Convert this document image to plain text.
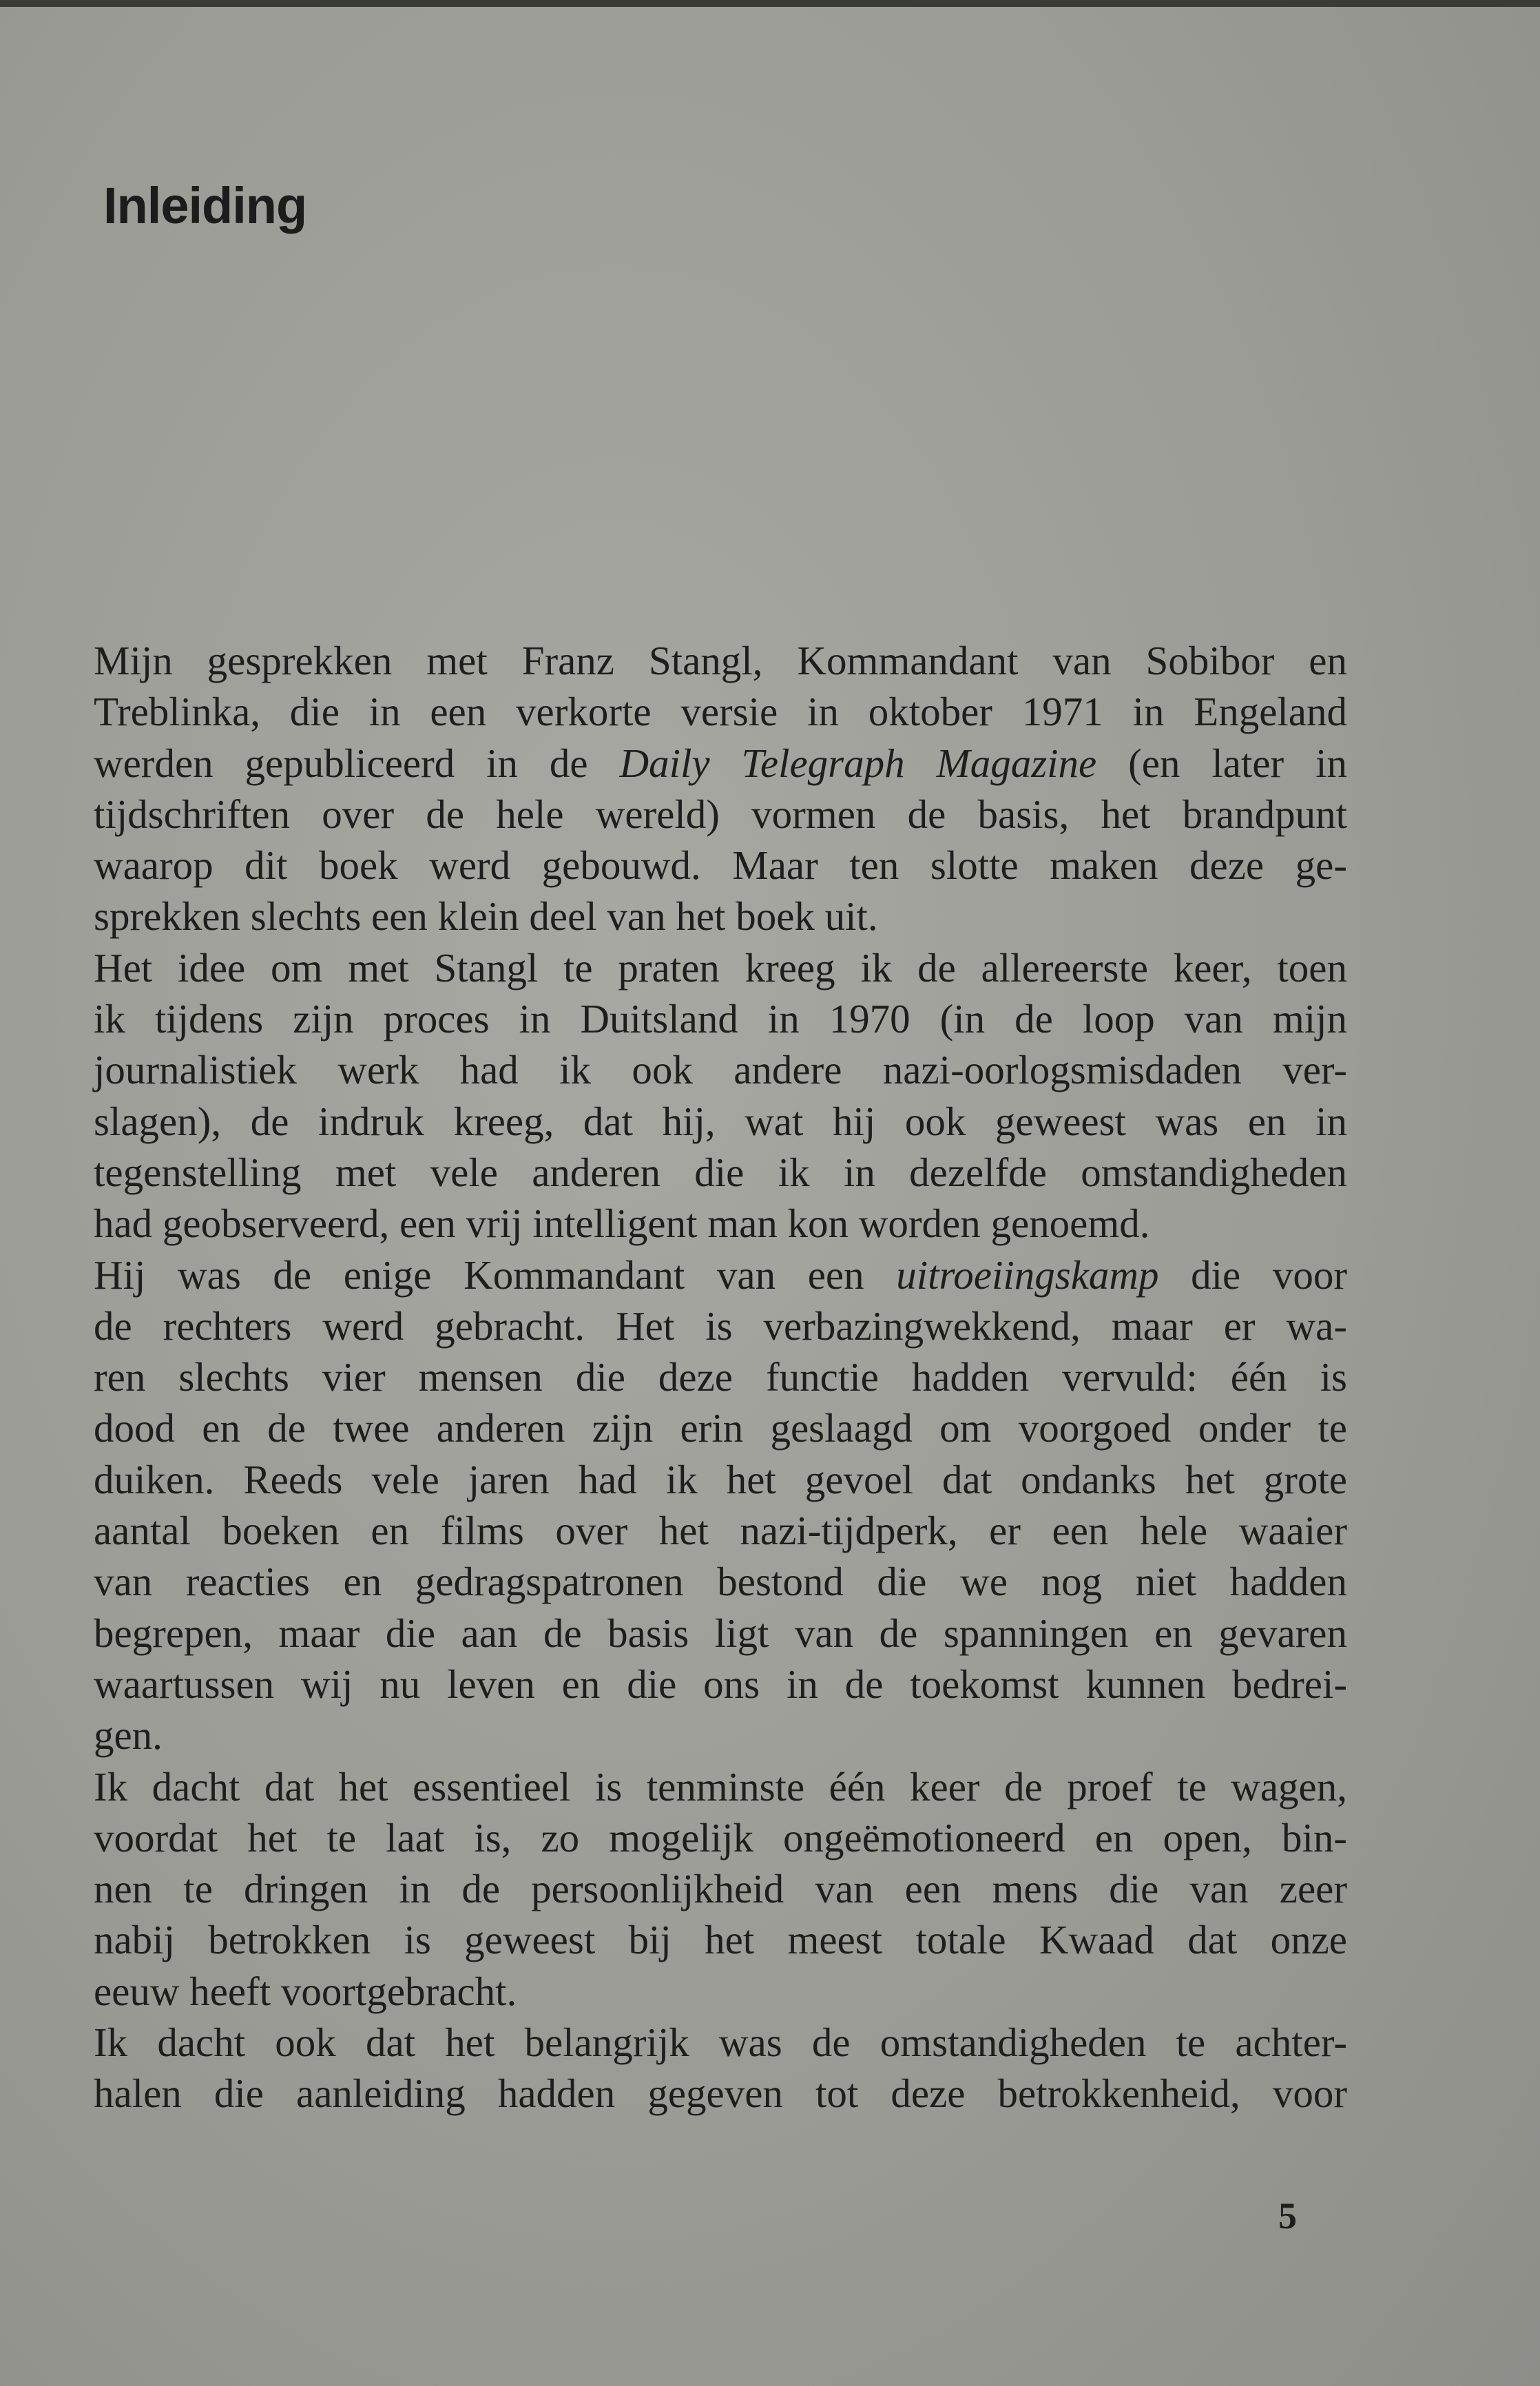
Inleiding
Mijn gesprekken met Franz Stangl, Kommandant van Sobibor en
Treblinka, die in een verkorte versie in oktober 1971 in Engeland
werden gepubliceerd in de Daily Telegraph Magazine (en later in
tijdschriften over de hele wereld) vormen de basis, het brandpunt
waarop dit boek werd gebouwd. Maar ten slotte maken deze ge-
sprekken slechts een klein deel van het boek uit.
Het idee om met Stangl te praten kreeg ik de allereerste keer, toen
ik tijdens zijn proces in Duitsland in 1970 (in de loop van mijn
journalistiek werk had ik ook andere nazi-oorlogsmisdaden ver-
slagen), de indruk kreeg, dat hij, wat hij ook geweest was en in
tegenstelling met vele anderen die ik in dezelfde omstandigheden
had geobserveerd, een vrij intelligent man kon worden genoemd.
Hij was de enige Kommandant van een uitroeiingskamp die voor
de rechters werd gebracht. Het is verbazingwekkend, maar er wa-
ren slechts vier mensen die deze functie hadden vervuld: één is
dood en de twee anderen zijn erin geslaagd om voorgoed onder te
duiken. Reeds vele jaren had ik het gevoel dat ondanks het grote
aantal boeken en films over het nazi-tijdperk, er een hele waaier
van reacties en gedragspatronen bestond die we nog niet hadden
begrepen, maar die aan de basis ligt van de spanningen en gevaren
waartussen wij nu leven en die ons in de toekomst kunnen bedrei-
gen.
Ik dacht dat het essentieel is tenminste één keer de proef te wagen,
voordat het te laat is, zo mogelijk ongeëmotioneerd en open, bin-
nen te dringen in de persoonlijkheid van een mens die van zeer
nabij betrokken is geweest bij het meest totale Kwaad dat onze
eeuw heeft voortgebracht.
Ik dacht ook dat het belangrijk was de omstandigheden te achter-
halen die aanleiding hadden gegeven tot deze betrokkenheid, voor
5
